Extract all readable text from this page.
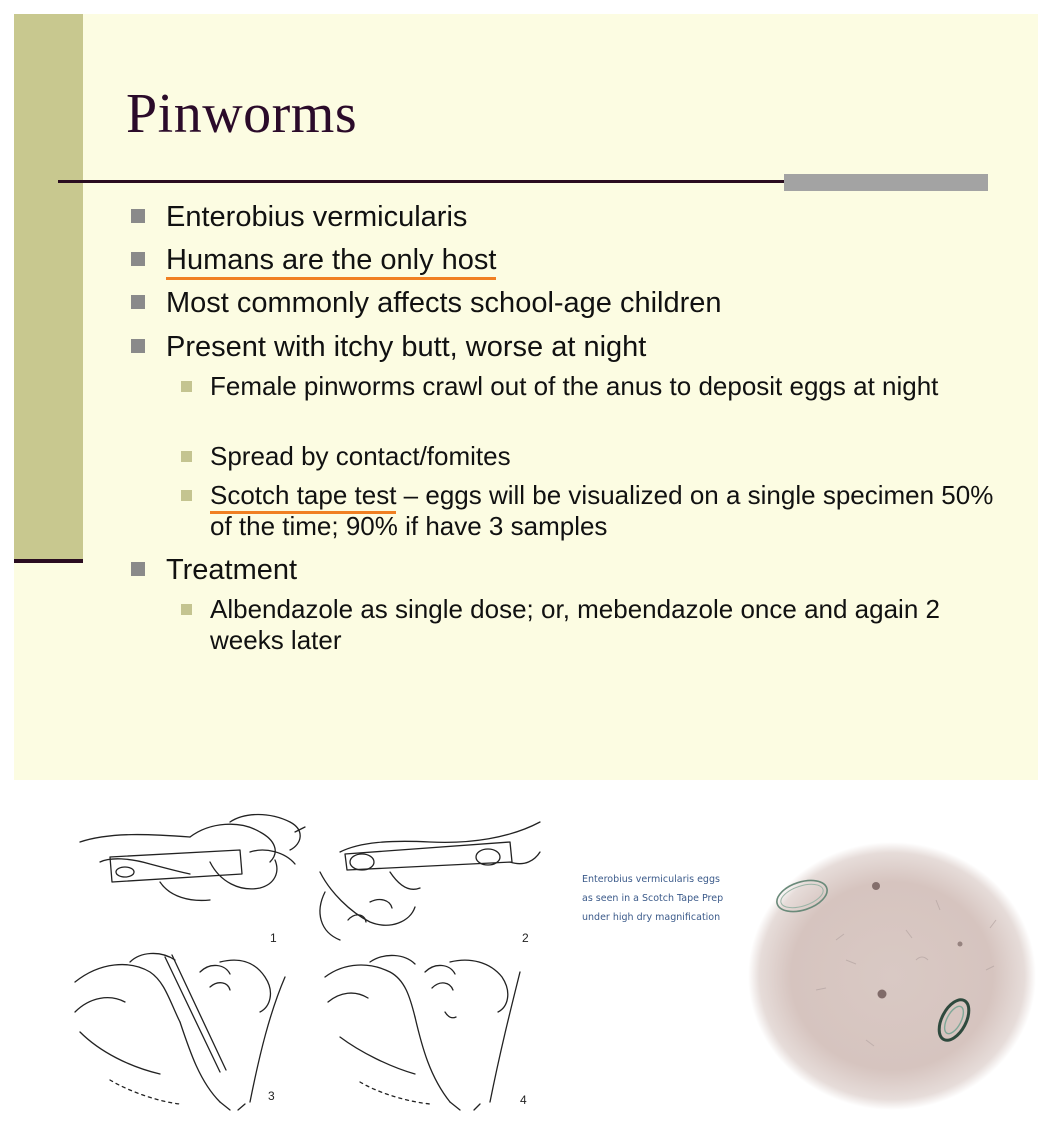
Pinworms

Enterobius vermicularis

Humans are the only host

Most commonly affects school-age children

Present with itchy butt, worse at night

Female pinworms crawl out of the anus to deposit eggs at night

Spread by contact/fomites

Scotch tape test – eggs will be visualized on a single specimen 50% of the time; 90% if have 3 samples

Treatment

Albendazole as single dose; or, mebendazole once and again 2 weeks later

1	2
3	4
Enterobius vermicularis eggs
as seen in a Scotch Tape Prep
under high dry magnification
